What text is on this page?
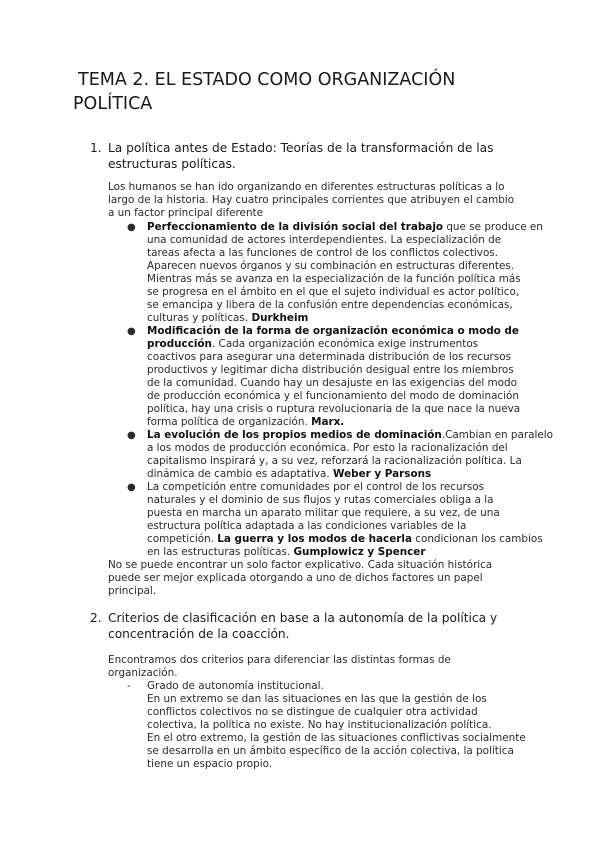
TEMA 2. EL ESTADO COMO ORGANIZACIÓN
POLÍTICA
1. La política antes de Estado: Teorías de la transformación de las
estructuras políticas.
Los humanos se han ido organizando en diferentes estructuras políticas a lo
largo de la historia. Hay cuatro principales corrientes que atribuyen el cambio
a un factor principal diferente
● Perfeccionamiento de la división social del trabajo que se produce en
una comunidad de actores interdependientes. La especialización de
tareas afecta a las funciones de control de los conflictos colectivos.
Aparecen nuevos órganos y su combinación en estructuras diferentes.
Mientras más se avanza en la especialización de la función política más
se progresa en el ámbito en el que el sujeto individual es actor político,
se emancipa y libera de la confusión entre dependencias económicas,
culturas y políticas. Durkheim
● Modificación de la forma de organización económica o modo de
producción. Cada organización económica exige instrumentos
coactivos para asegurar una determinada distribución de los recursos
productivos y legitimar dicha distribución desigual entre los miembros
de la comunidad. Cuando hay un desajuste en las exigencias del modo
de producción económica y el funcionamiento del modo de dominación
política, hay una crisis o ruptura revolucionaria de la que nace la nueva
forma política de organización. Marx.
● La evolución de los propios medios de dominación.Cambian en paralelo
a los modos de producción económica. Por esto la racionalización del
capitalismo inspirará y, a su vez, reforzará la racionalización política. La
dinámica de cambio es adaptativa. Weber y Parsons
● La competición entre comunidades por el control de los recursos
naturales y el dominio de sus flujos y rutas comerciales obliga a la
puesta en marcha un aparato militar que requiere, a su vez, de una
estructura política adaptada a las condiciones variables de la
competición. La guerra y los modos de hacerla condicionan los cambios
en las estructuras políticas. Gumplowicz y Spencer
No se puede encontrar un solo factor explicativo. Cada situación histórica
puede ser mejor explicada otorgando a uno de dichos factores un papel
principal.
2. Criterios de clasificación en base a la autonomía de la política y
concentración de la coacción.
Encontramos dos criterios para diferenciar las distintas formas de
organización.
- Grado de autonomía institucional.
En un extremo se dan las situaciones en las que la gestión de los
conflictos colectivos no se distingue de cualquier otra actividad
colectiva, la política no existe. No hay institucionalización política.
En el otro extremo, la gestión de las situaciones conflictivas socialmente
se desarrolla en un ámbito específico de la acción colectiva, la política
tiene un espacio propio.
